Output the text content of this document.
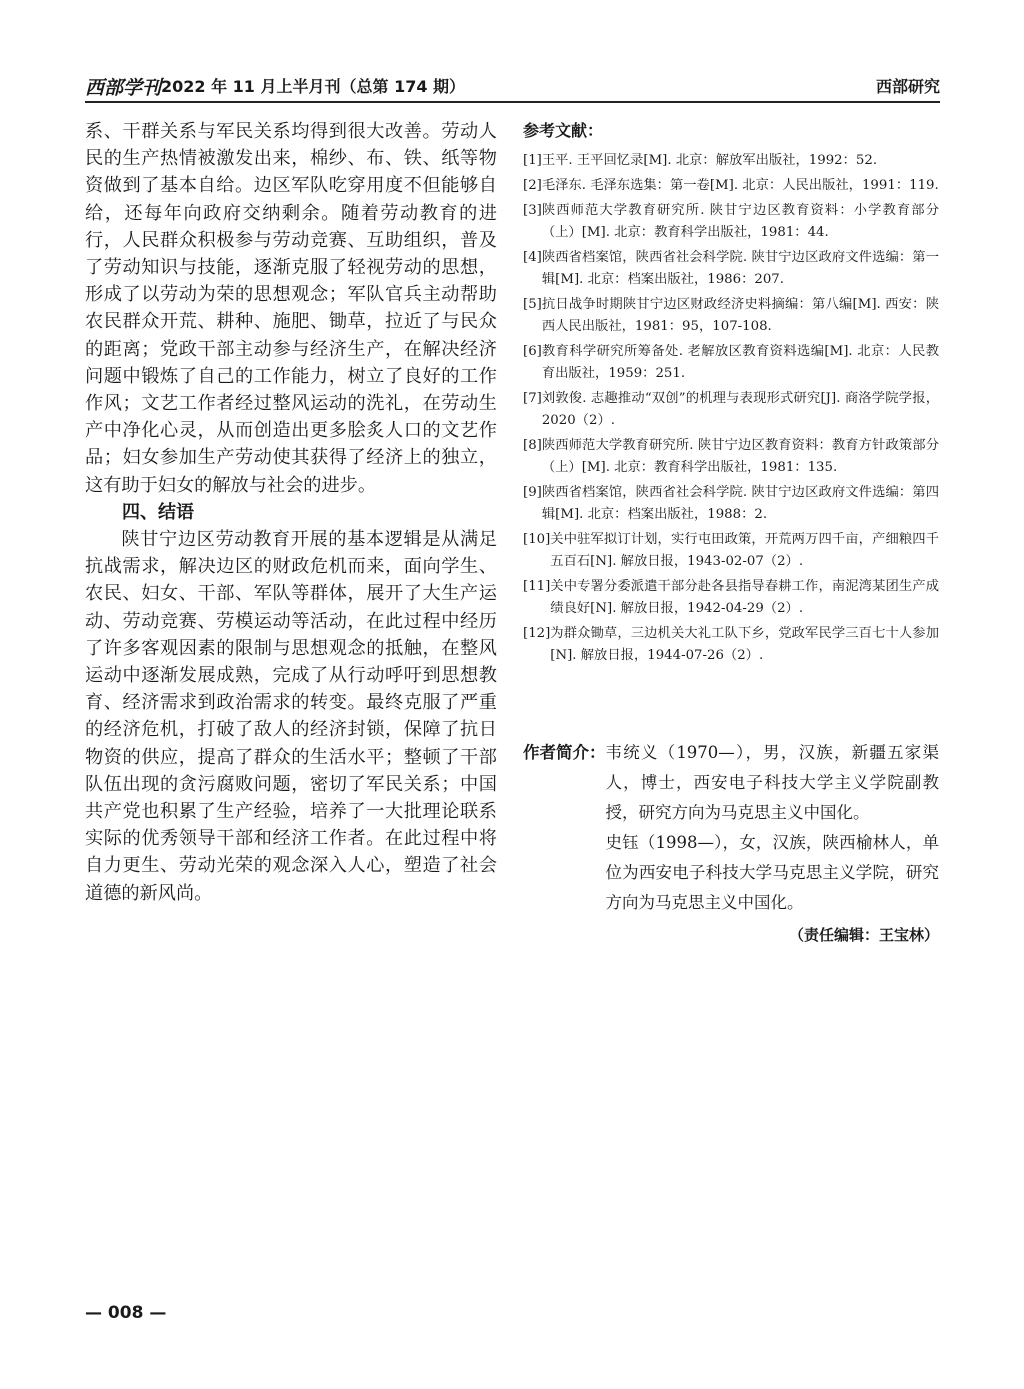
西部学刊 2022 年 11 月上半月刊（总第 174 期）	西部研究

系、干群关系与军民关系均得到很大改善。劳动人民的生产热情被激发出来，棉纱、布、铁、纸等物资做到了基本自给。边区军队吃穿用度不但能够自给，还每年向政府交纳剩余。随着劳动教育的进行，人民群众积极参与劳动竞赛、互助组织，普及了劳动知识与技能，逐渐克服了轻视劳动的思想，形成了以劳动为荣的思想观念；军队官兵主动帮助农民群众开荒、耕种、施肥、锄草，拉近了与民众的距离；党政干部主动参与经济生产，在解决经济问题中锻炼了自己的工作能力，树立了良好的工作作风；文艺工作者经过整风运动的洗礼，在劳动生产中净化心灵，从而创造出更多脍炙人口的文艺作品；妇女参加生产劳动使其获得了经济上的独立，这有助于妇女的解放与社会的进步。

四、结语

陕甘宁边区劳动教育开展的基本逻辑是从满足抗战需求，解决边区的财政危机而来，面向学生、农民、妇女、干部、军队等群体，展开了大生产运动、劳动竞赛、劳模运动等活动，在此过程中经历了许多客观因素的限制与思想观念的抵触，在整风运动中逐渐发展成熟，完成了从行动呼吁到思想教育、经济需求到政治需求的转变。最终克服了严重的经济危机，打破了敌人的经济封锁，保障了抗日物资的供应，提高了群众的生活水平；整顿了干部队伍出现的贪污腐败问题，密切了军民关系；中国共产党也积累了生产经验，培养了一大批理论联系实际的优秀领导干部和经济工作者。在此过程中将自力更生、劳动光荣的观念深入人心，塑造了社会道德的新风尚。

参考文献：
[1] 王平. 王平回忆录[M]. 北京：解放军出版社，1992：52.
[2] 毛泽东. 毛泽东选集：第一卷[M]. 北京：人民出版社，1991：119.
[3] 陕西师范大学教育研究所. 陕甘宁边区教育资料：小学教育部分（上）[M]. 北京：教育科学出版社，1981：44.
[4] 陕西省档案馆，陕西省社会科学院. 陕甘宁边区政府文件选编：第一辑[M]. 北京：档案出版社，1986：207.
[5] 抗日战争时期陕甘宁边区财政经济史料摘编：第八编[M]. 西安：陕西人民出版社，1981：95，107-108.
[6] 教育科学研究所筹备处. 老解放区教育资料选编[M]. 北京：人民教育出版社，1959：251.
[7] 刘敦俊. 志趣推动“双创”的机理与表现形式研究[J]. 商洛学院学报，2020（2）.
[8] 陕西师范大学教育研究所. 陕甘宁边区教育资料：教育方针政策部分（上）[M]. 北京：教育科学出版社，1981：135.
[9] 陕西省档案馆，陕西省社会科学院. 陕甘宁边区政府文件选编：第四辑[M]. 北京：档案出版社，1988：2.
[10] 关中驻军拟订计划，实行屯田政策，开荒两万四千亩，产细粮四千五百石[N]. 解放日报，1943-02-07（2）.
[11] 关中专署分委派遣干部分赴各县指导春耕工作，南泥湾某团生产成绩良好[N]. 解放日报，1942-04-29（2）.
[12] 为群众锄草，三边机关大礼工队下乡，党政军民学三百七十人参加[N]. 解放日报，1944-07-26（2）.
作者简介： 韦统义（1970—），男，汉族，新疆五家渠人，博士，西安电子科技大学主义学院副教授，研究方向为马克思主义中国化。

史钰（1998—），女，汉族，陕西榆林人，单位为西安电子科技大学马克思主义学院，研究方向为马克思主义中国化。

（责任编辑：王宝林）
— 008 —
